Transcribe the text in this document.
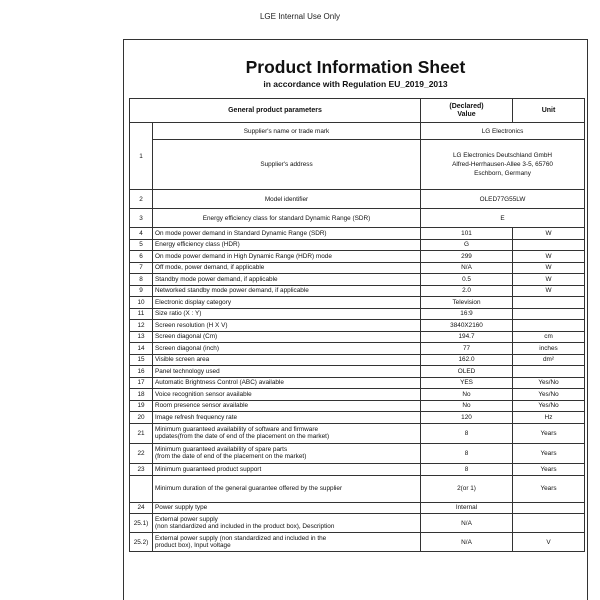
LGE Internal Use Only
Product Information Sheet
in accordance with Regulation EU_2019_2013
General product parameters		(Declared)
Value	Unit
1	Supplier's name or trade mark	LG Electronics	
	Supplier's address	LG Electronics Deutschland GmbH
Alfred-Herrhausen-Allee 3-5, 65760
Eschborn, Germany	

2	Model identifier	OLED77G55LW	
3	Energy efficiency class for standard Dynamic Range (SDR)	E	
4	On mode power demand in Standard Dynamic Range (SDR)	101	W
5	Energy efficiency class (HDR)	G	
6	On mode power demand in High Dynamic Range (HDR) mode	299	W
7	Off mode, power demand, if applicable	N/A	W
8	Standby mode power demand, if applicable	0.5	W
9	Networked standby mode power demand, if applicable	2.0	W
10	Electronic display category	Television	
11	Size ratio (X : Y)	16:9	
12	Screen resolution (H X V)	3840X2160	
13	Screen diagonal (Cm)	194.7	cm
14	Screen diagonal (inch)	77	inches
15	Visible screen area	162.0	dm²
16	Panel technology used	OLED	
17	Automatic Brightness Control (ABC) available	YES	Yes/No
18	Voice recognition sensor available	No	Yes/No
19	Room presence sensor available	No	Yes/No
20	Image refresh frequency rate	120	Hz
21	Minimum guaranteed availability of software and firmware
updates(from the date of end of the placement on the market)	8	Years
22	Minimum guaranteed availability of spare parts
(from the date of end of the placement on the market)	8	Years
23	Minimum guaranteed product support	8	Years
	Minimum duration of the general guarantee offered by the supplier	2(or 1)	Years
24	Power supply type	Internal	
25.1)	External power supply
(non standardized and included in the product box), Description	N/A	
25.2)	External power supply (non standardized and included in the
product box), Input voltage	N/A	V
